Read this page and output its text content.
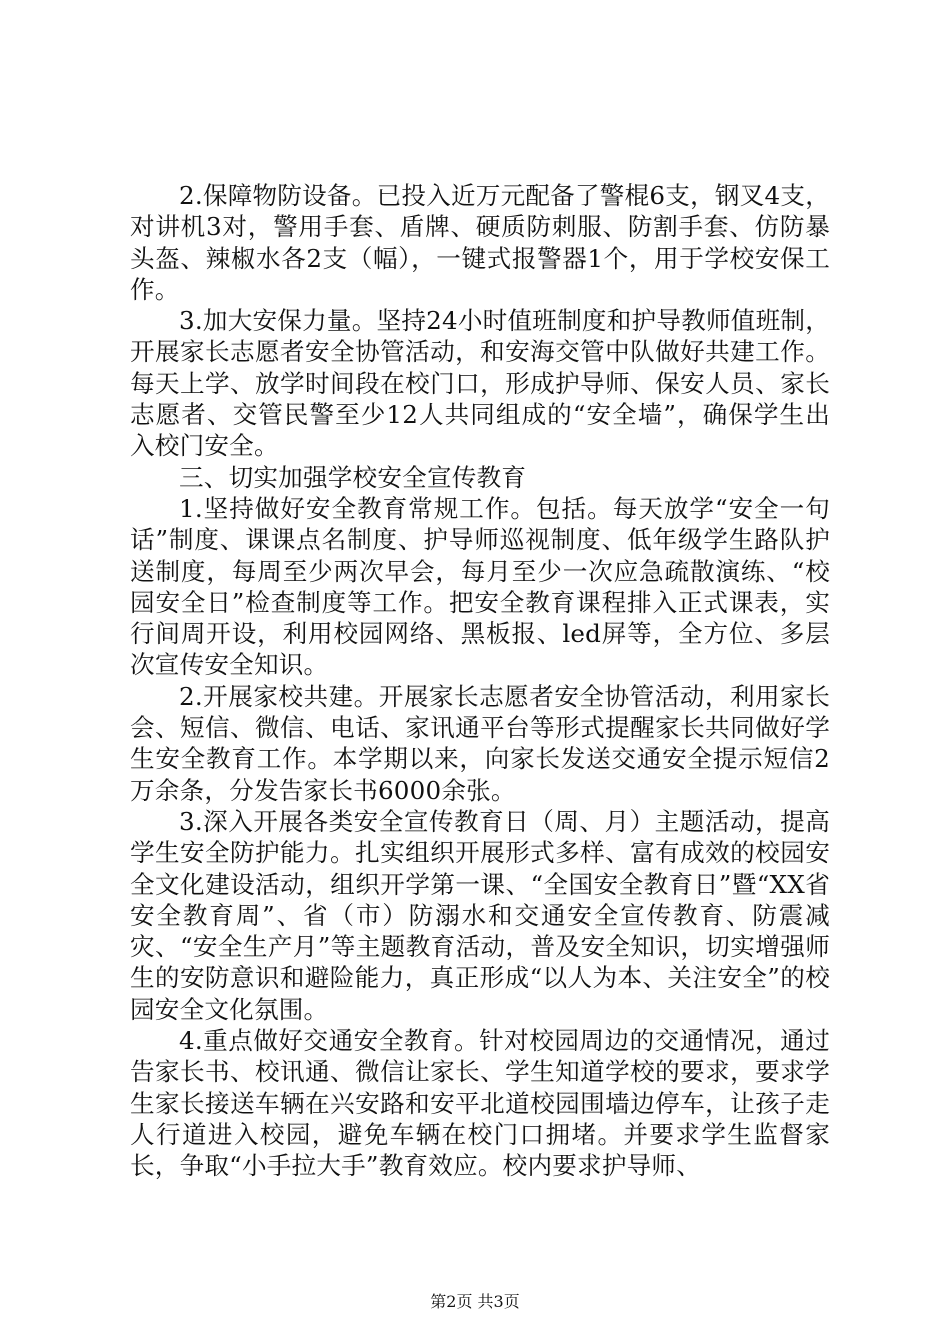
2.保障物防设备。已投入近万元配备了警棍6支，钢叉4支，对讲机3对，警用手套、盾牌、硬质防刺服、防割手套、仿防暴头盔、辣椒水各2支（幅），一键式报警器1个，用于学校安保工作。

3.加大安保力量。坚持24小时值班制度和护导教师值班制，开展家长志愿者安全协管活动，和安海交管中队做好共建工作。每天上学、放学时间段在校门口，形成护导师、保安人员、家长志愿者、交管民警至少12人共同组成的“安全墙”，确保学生出入校门安全。

三、切实加强学校安全宣传教育

1.坚持做好安全教育常规工作。包括。每天放学“安全一句话”制度、课课点名制度、护导师巡视制度、低年级学生路队护送制度，每周至少两次早会，每月至少一次应急疏散演练、“校园安全日”检查制度等工作。把安全教育课程排入正式课表，实行间周开设，利用校园网络、黑板报、led屏等，全方位、多层次宣传安全知识。

2.开展家校共建。开展家长志愿者安全协管活动，利用家长会、短信、微信、电话、家讯通平台等形式提醒家长共同做好学生安全教育工作。本学期以来，向家长发送交通安全提示短信2万余条，分发告家长书6000余张。

3.深入开展各类安全宣传教育日（周、月）主题活动，提高学生安全防护能力。扎实组织开展形式多样、富有成效的校园安全文化建设活动，组织开学第一课、“全国安全教育日”暨“XX省安全教育周”、省（市）防溺水和交通安全宣传教育、防震减灾、“安全生产月”等主题教育活动，普及安全知识，切实增强师生的安防意识和避险能力，真正形成“以人为本、关注安全”的校园安全文化氛围。

4.重点做好交通安全教育。针对校园周边的交通情况，通过告家长书、校讯通、微信让家长、学生知道学校的要求，要求学生家长接送车辆在兴安路和安平北道校园围墙边停车，让孩子走人行道进入校园，避免车辆在校门口拥堵。并要求学生监督家长，争取“小手拉大手”教育效应。校内要求护导师、

第2页 共3页
